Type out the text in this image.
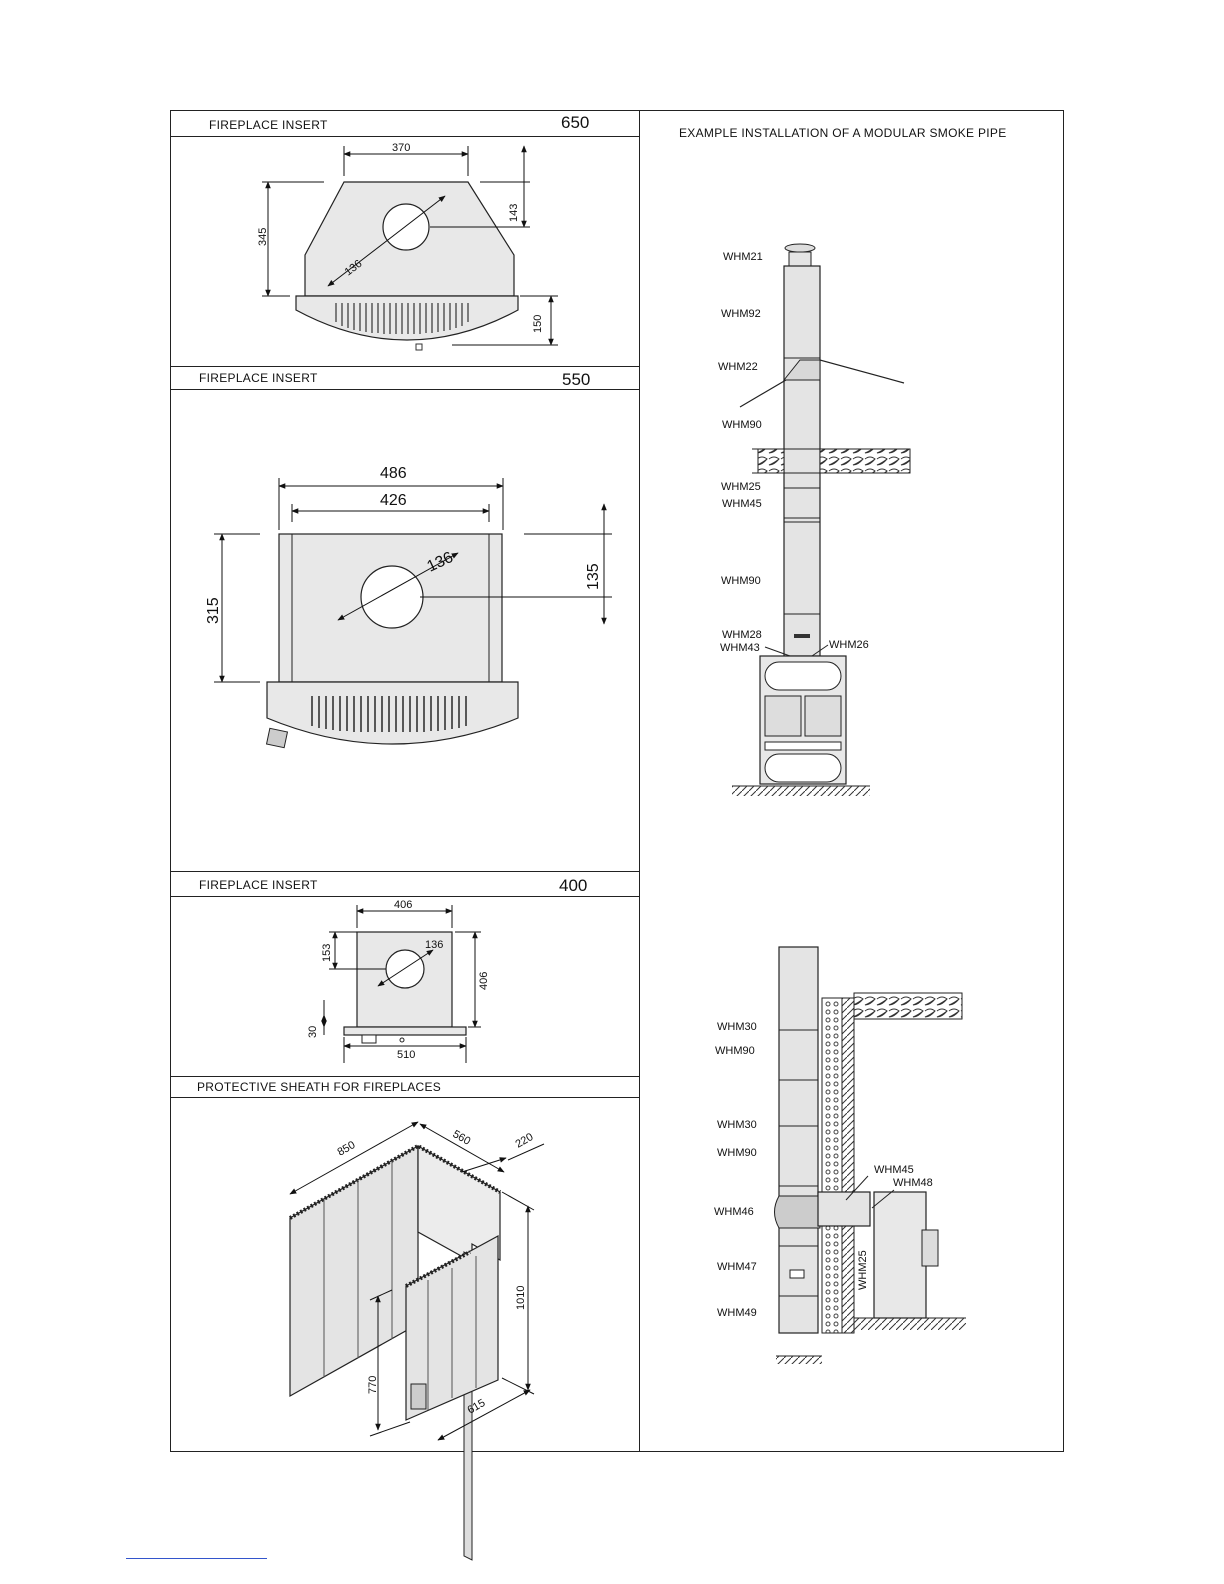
FIREPLACE INSERT	650
FIREPLACE INSERT	550
FIREPLACE INSERT	400
PROTECTIVE SHEATH FOR FIREPLACES
EXAMPLE INSTALLATION OF A MODULAR SMOKE PIPE
370
345
136
143
150
486
426
315
136
135
406
136
153
406
30
510
850
560	220
1010
770
615
WHM21
WHM92
WHM22
WHM90
WHM25
WHM45
WHM90
WHM28
WHM43	WHM26
WHM30
WHM90
WHM30
WHM90
WHM45
WHM48
WHM46
WHM47	WHM25
WHM49
